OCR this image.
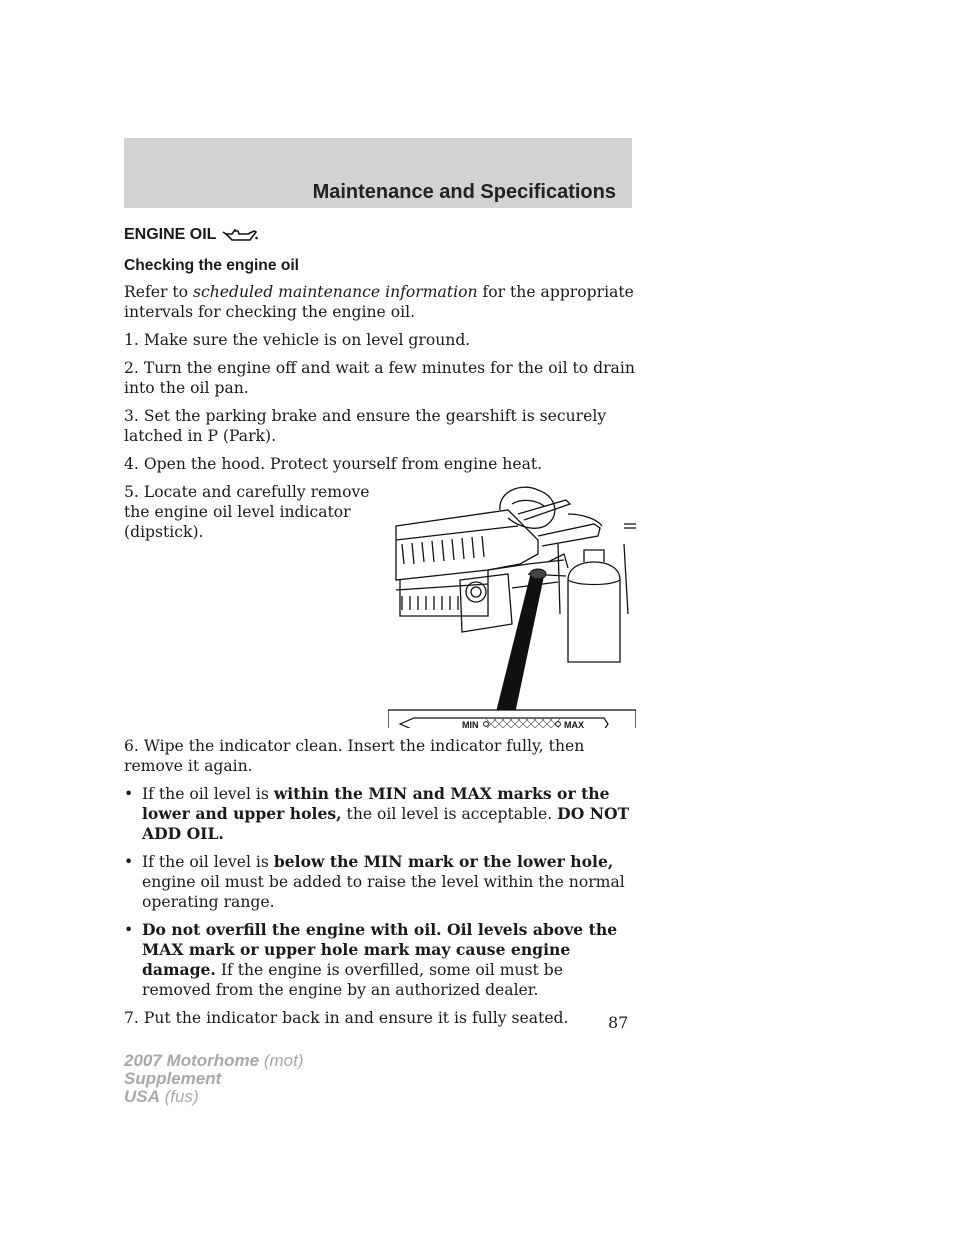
Maintenance and Specifications
ENGINE OIL
Checking the engine oil

Refer to scheduled maintenance information for the appropriate intervals for checking the engine oil.

1. Make sure the vehicle is on level ground.

2. Turn the engine off and wait a few minutes for the oil to drain into the oil pan.

3. Set the parking brake and ensure the gearshift is securely latched in P (Park).

4. Open the hood. Protect yourself from engine heat.

5. Locate and carefully remove the engine oil level indicator (dipstick).

MIN	MAX

6. Wipe the indicator clean. Insert the indicator fully, then remove it again.

• If the oil level is within the MIN and MAX marks or the lower and upper holes, the oil level is acceptable. DO NOT ADD OIL.
• If the oil level is below the MIN mark or the lower hole, engine oil must be added to raise the level within the normal operating range.
• Do not overfill the engine with oil. Oil levels above the MAX mark or upper hole mark may cause engine damage. If the engine is overfilled, some oil must be removed from the engine by an authorized dealer.

7. Put the indicator back in and ensure it is fully seated.	87
2007 Motorhome (mot)
Supplement
USA (fus)
